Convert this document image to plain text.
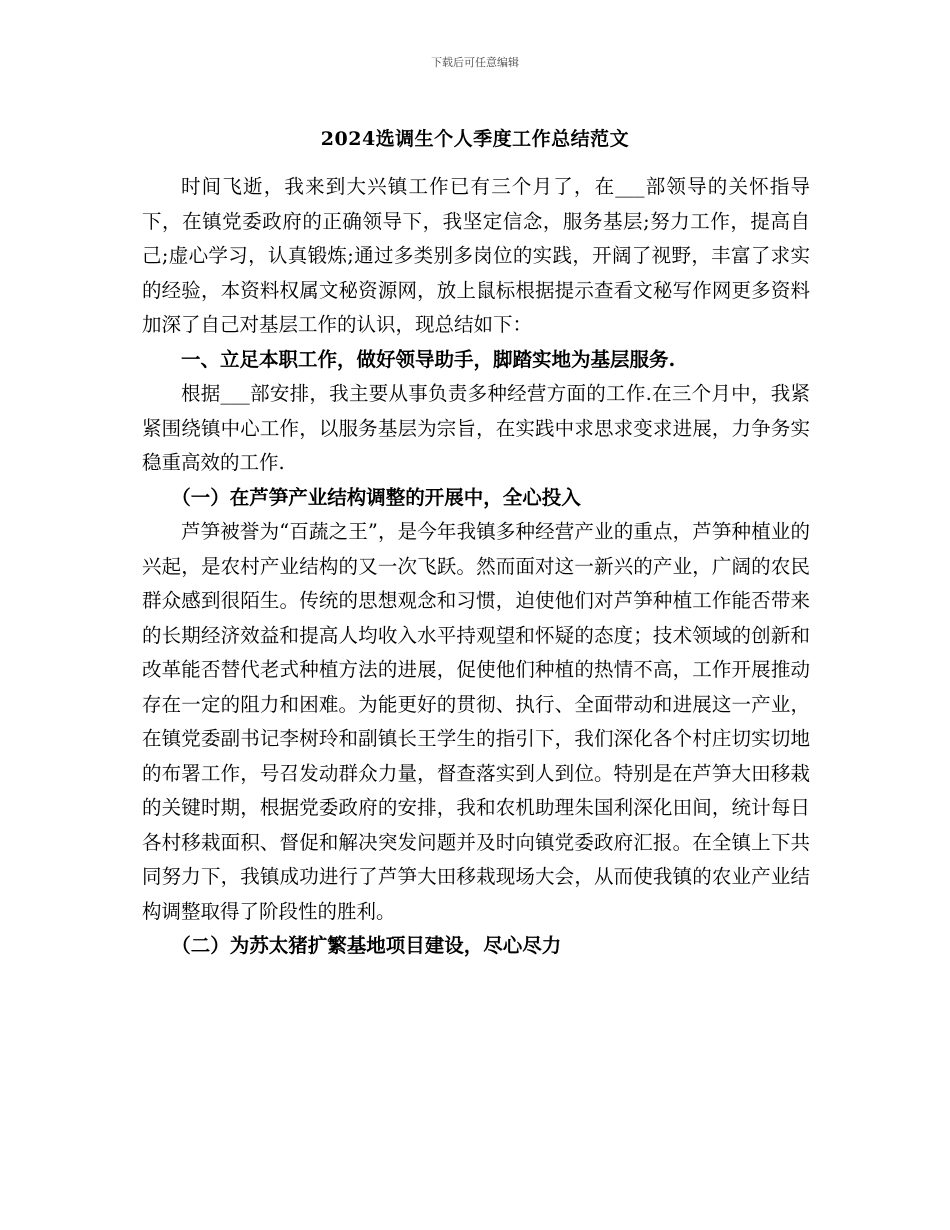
下载后可任意编辑
2024选调生个人季度工作总结范文

时间飞逝，我来到大兴镇工作已有三个月了，在___部领导的关怀指导下，在镇党委政府的正确领导下，我坚定信念，服务基层;努力工作，提高自己;虚心学习，认真锻炼;通过多类别多岗位的实践，开阔了视野，丰富了求实的经验，本资料权属文秘资源网，放上鼠标根据提示查看文秘写作网更多资料加深了自己对基层工作的认识，现总结如下：

一、立足本职工作，做好领导助手，脚踏实地为基层服务.

根据___部安排，我主要从事负责多种经营方面的工作.在三个月中，我紧紧围绕镇中心工作，以服务基层为宗旨，在实践中求思求变求进展，力争务实稳重高效的工作.

（一）在芦笋产业结构调整的开展中，全心投入

芦笋被誉为“百蔬之王”，是今年我镇多种经营产业的重点，芦笋种植业的兴起，是农村产业结构的又一次飞跃。然而面对这一新兴的产业，广阔的农民群众感到很陌生。传统的思想观念和习惯，迫使他们对芦笋种植工作能否带来的长期经济效益和提高人均收入水平持观望和怀疑的态度；技术领域的创新和改革能否替代老式种植方法的进展，促使他们种植的热情不高，工作开展推动存在一定的阻力和困难。为能更好的贯彻、执行、全面带动和进展这一产业，在镇党委副书记李树玲和副镇长王学生的指引下，我们深化各个村庄切实切地的布署工作，号召发动群众力量，督查落实到人到位。特别是在芦笋大田移栽的关键时期，根据党委政府的安排，我和农机助理朱国利深化田间，统计每日各村移栽面积、督促和解决突发问题并及时向镇党委政府汇报。在全镇上下共同努力下，我镇成功进行了芦笋大田移栽现场大会，从而使我镇的农业产业结构调整取得了阶段性的胜利。

（二）为苏太猪扩繁基地项目建设，尽心尽力
